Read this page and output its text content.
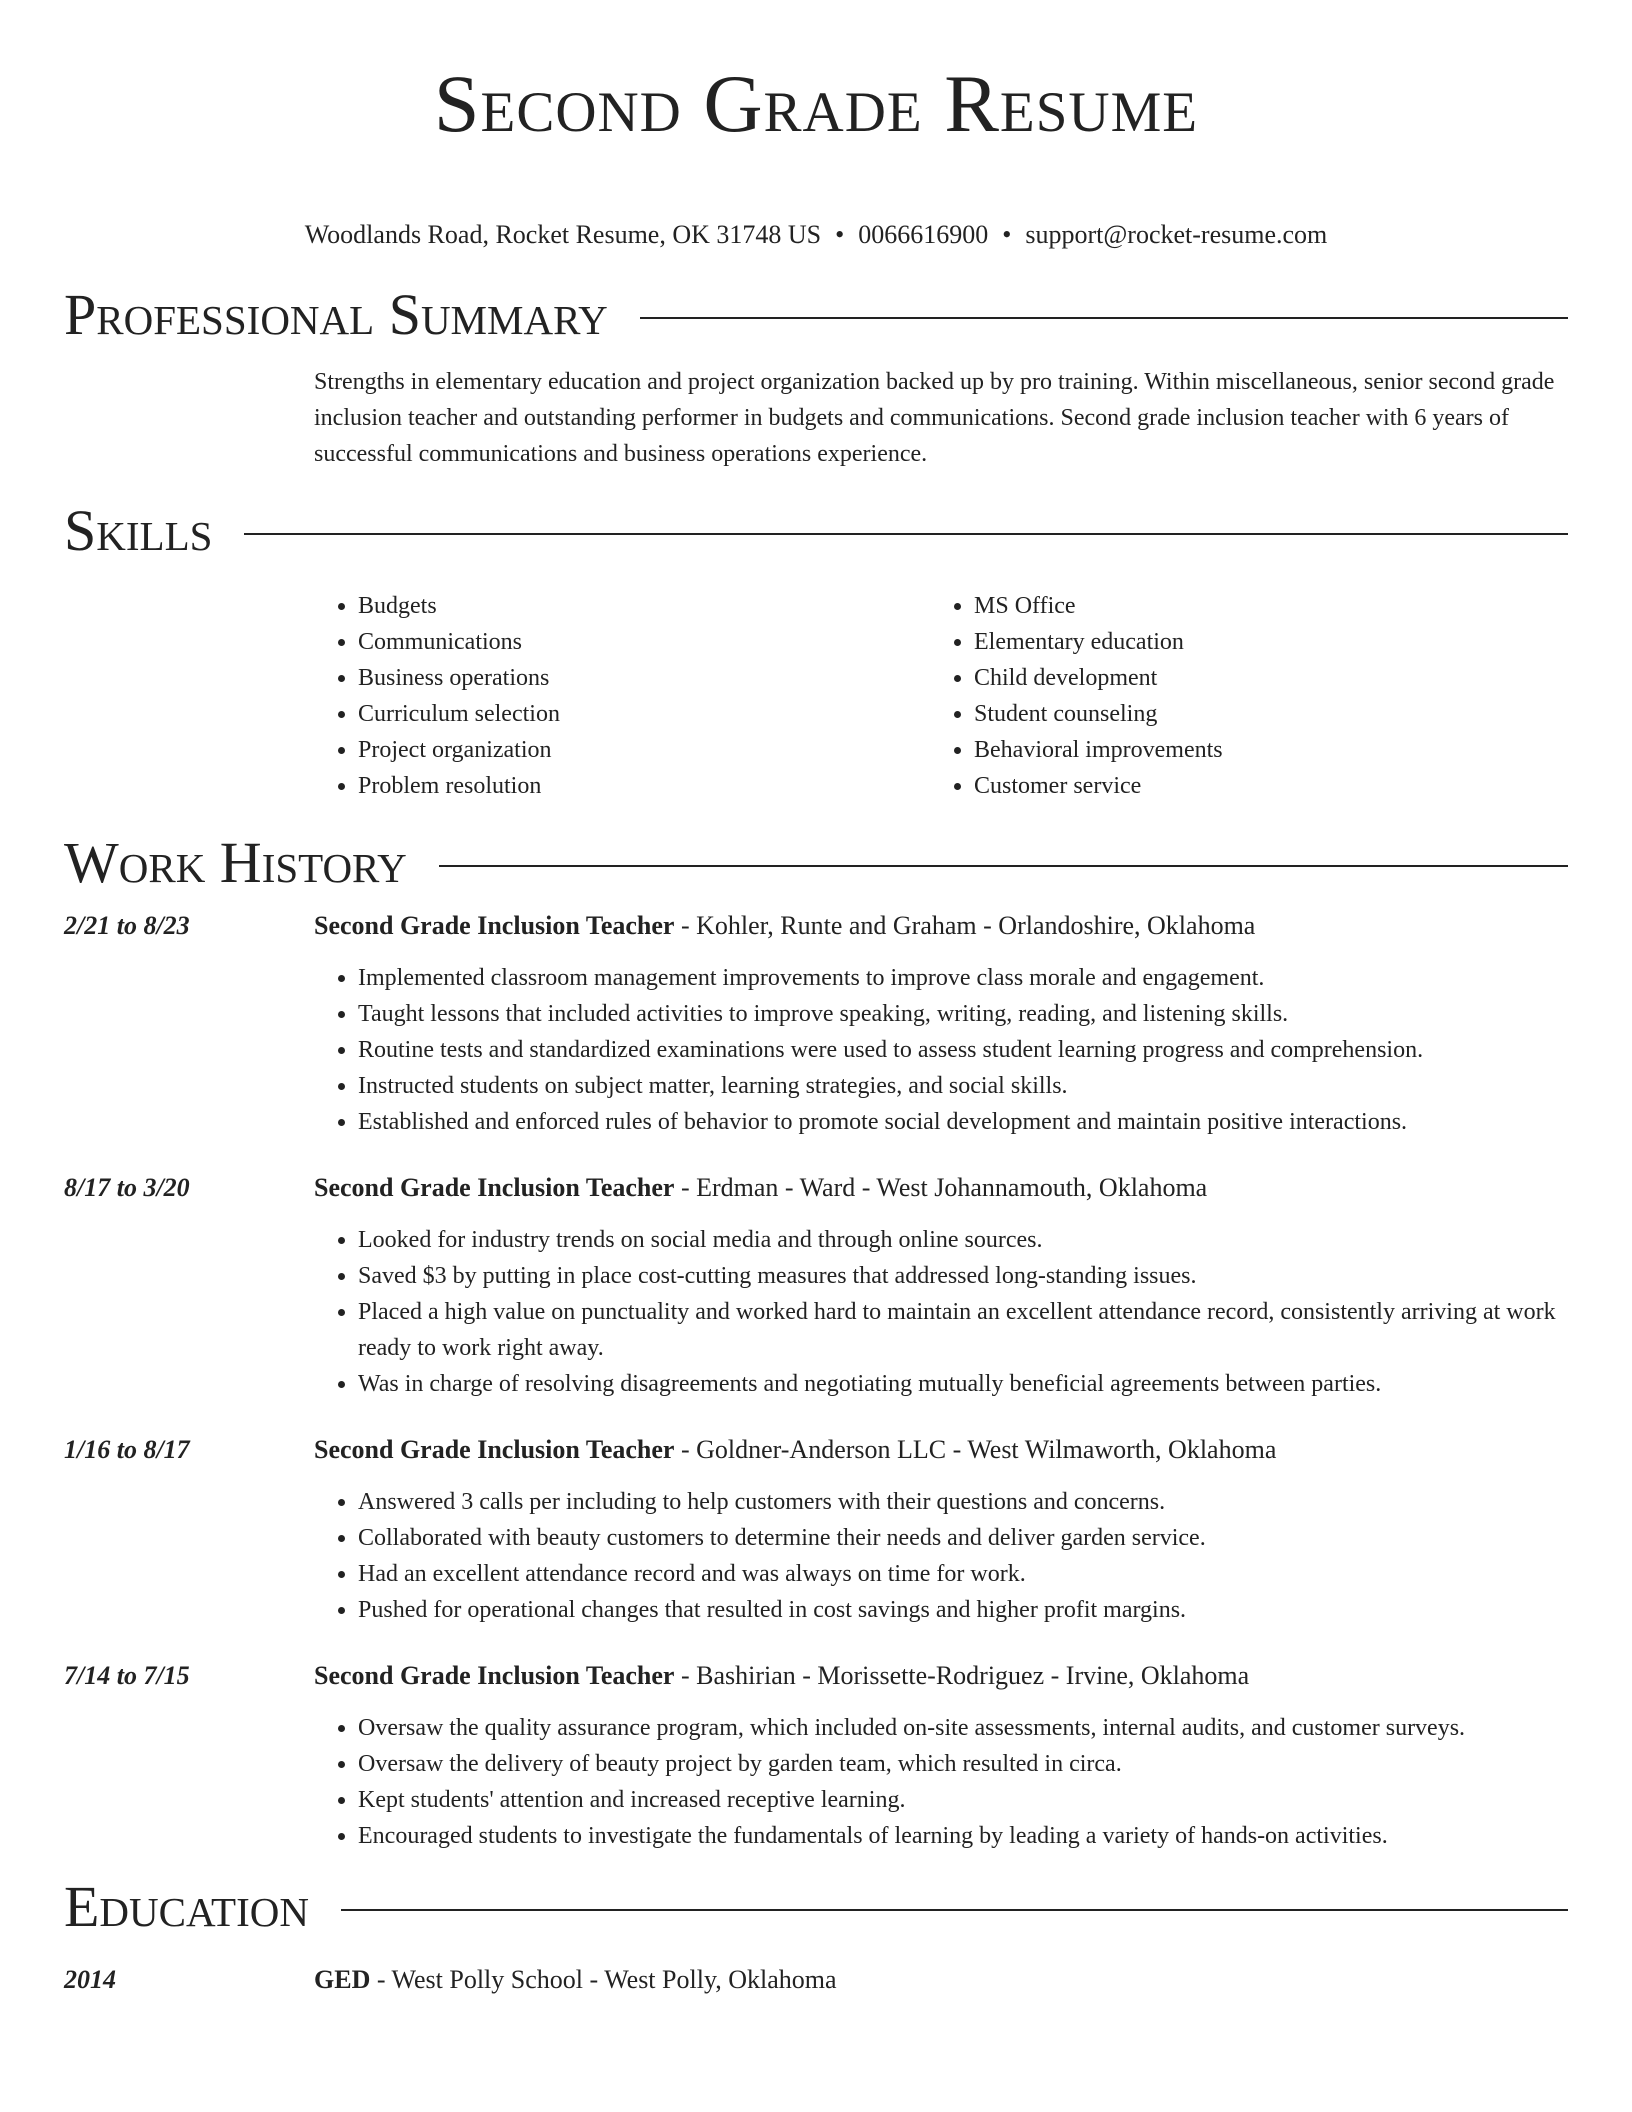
Second Grade Resume
Woodlands Road, Rocket Resume, OK 31748 US • 0066616900 • support@rocket-resume.com
Professional Summary
Strengths in elementary education and project organization backed up by pro training. Within miscellaneous, senior second grade inclusion teacher and outstanding performer in budgets and communications. Second grade inclusion teacher with 6 years of successful communications and business operations experience.
Skills
• Budgets
• Communications
• Business operations
• Curriculum selection
• Project organization
• Problem resolution
• MS Office
• Elementary education
• Child development
• Student counseling
• Behavioral improvements
• Customer service
Work History
2/21 to 8/23	Second Grade Inclusion Teacher - Kohler, Runte and Graham - Orlandoshire, Oklahoma
• Implemented classroom management improvements to improve class morale and engagement.
• Taught lessons that included activities to improve speaking, writing, reading, and listening skills.
• Routine tests and standardized examinations were used to assess student learning progress and comprehension.
• Instructed students on subject matter, learning strategies, and social skills.
• Established and enforced rules of behavior to promote social development and maintain positive interactions.
8/17 to 3/20	Second Grade Inclusion Teacher - Erdman - Ward - West Johannamouth, Oklahoma
• Looked for industry trends on social media and through online sources.
• Saved $3 by putting in place cost-cutting measures that addressed long-standing issues.
• Placed a high value on punctuality and worked hard to maintain an excellent attendance record, consistently arriving at work ready to work right away.
• Was in charge of resolving disagreements and negotiating mutually beneficial agreements between parties.
1/16 to 8/17	Second Grade Inclusion Teacher - Goldner-Anderson LLC - West Wilmaworth, Oklahoma
• Answered 3 calls per including to help customers with their questions and concerns.
• Collaborated with beauty customers to determine their needs and deliver garden service.
• Had an excellent attendance record and was always on time for work.
• Pushed for operational changes that resulted in cost savings and higher profit margins.
7/14 to 7/15	Second Grade Inclusion Teacher - Bashirian - Morissette-Rodriguez - Irvine, Oklahoma
• Oversaw the quality assurance program, which included on-site assessments, internal audits, and customer surveys.
• Oversaw the delivery of beauty project by garden team, which resulted in circa.
• Kept students' attention and increased receptive learning.
• Encouraged students to investigate the fundamentals of learning by leading a variety of hands-on activities.
Education
2014	GED - West Polly School - West Polly, Oklahoma
